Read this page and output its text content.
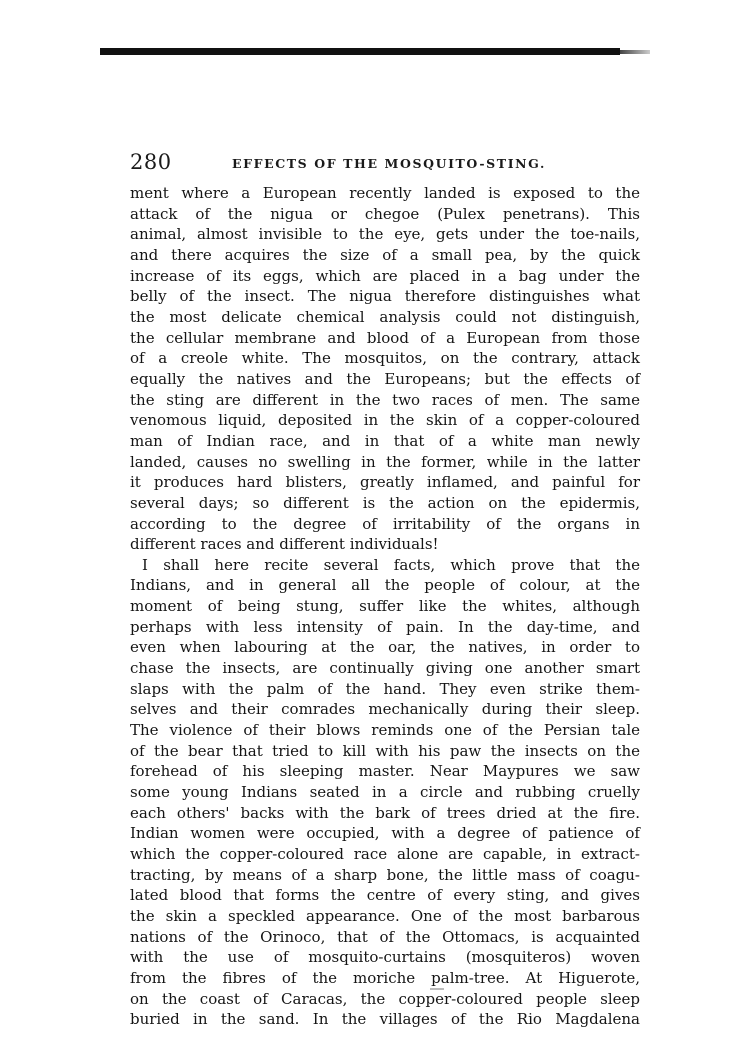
280	EFFECTS OF THE MOSQUITO-STING.
ment where a European recently landed is exposed to the
attack of the nigua or chegoe (Pulex penetrans). This
animal, almost invisible to the eye, gets under the toe-nails,
and there acquires the size of a small pea, by the quick
increase of its eggs, which are placed in a bag under the
belly of the insect. The nigua therefore distinguishes what
the most delicate chemical analysis could not distinguish,
the cellular membrane and blood of a European from those
of a creole white. The mosquitos, on the contrary, attack
equally the natives and the Europeans; but the effects of
the sting are different in the two races of men. The same
venomous liquid, deposited in the skin of a copper-coloured
man of Indian race, and in that of a white man newly
landed, causes no swelling in the former, while in the latter
it produces hard blisters, greatly inflamed, and painful for
several days; so different is the action on the epidermis,
according to the degree of irritability of the organs in
different races and different individuals!
I shall here recite several facts, which prove that the
Indians, and in general all the people of colour, at the
moment of being stung, suffer like the whites, although
perhaps with less intensity of pain. In the day-time, and
even when labouring at the oar, the natives, in order to
chase the insects, are continually giving one another smart
slaps with the palm of the hand. They even strike them-
selves and their comrades mechanically during their sleep.
The violence of their blows reminds one of the Persian tale
of the bear that tried to kill with his paw the insects on the
forehead of his sleeping master. Near Maypures we saw
some young Indians seated in a circle and rubbing cruelly
each others' backs with the bark of trees dried at the fire.
Indian women were occupied, with a degree of patience of
which the copper-coloured race alone are capable, in extract-
tracting, by means of a sharp bone, the little mass of coagu-
lated blood that forms the centre of every sting, and gives
the skin a speckled appearance. One of the most barbarous
nations of the Orinoco, that of the Ottomacs, is acquainted
with the use of mosquito-curtains (mosquiteros) woven
from the fibres of the moriche palm-tree. At Higuerote,
on the coast of Caracas, the copper-coloured people sleep
buried in the sand. In the villages of the Rio Magdalena
